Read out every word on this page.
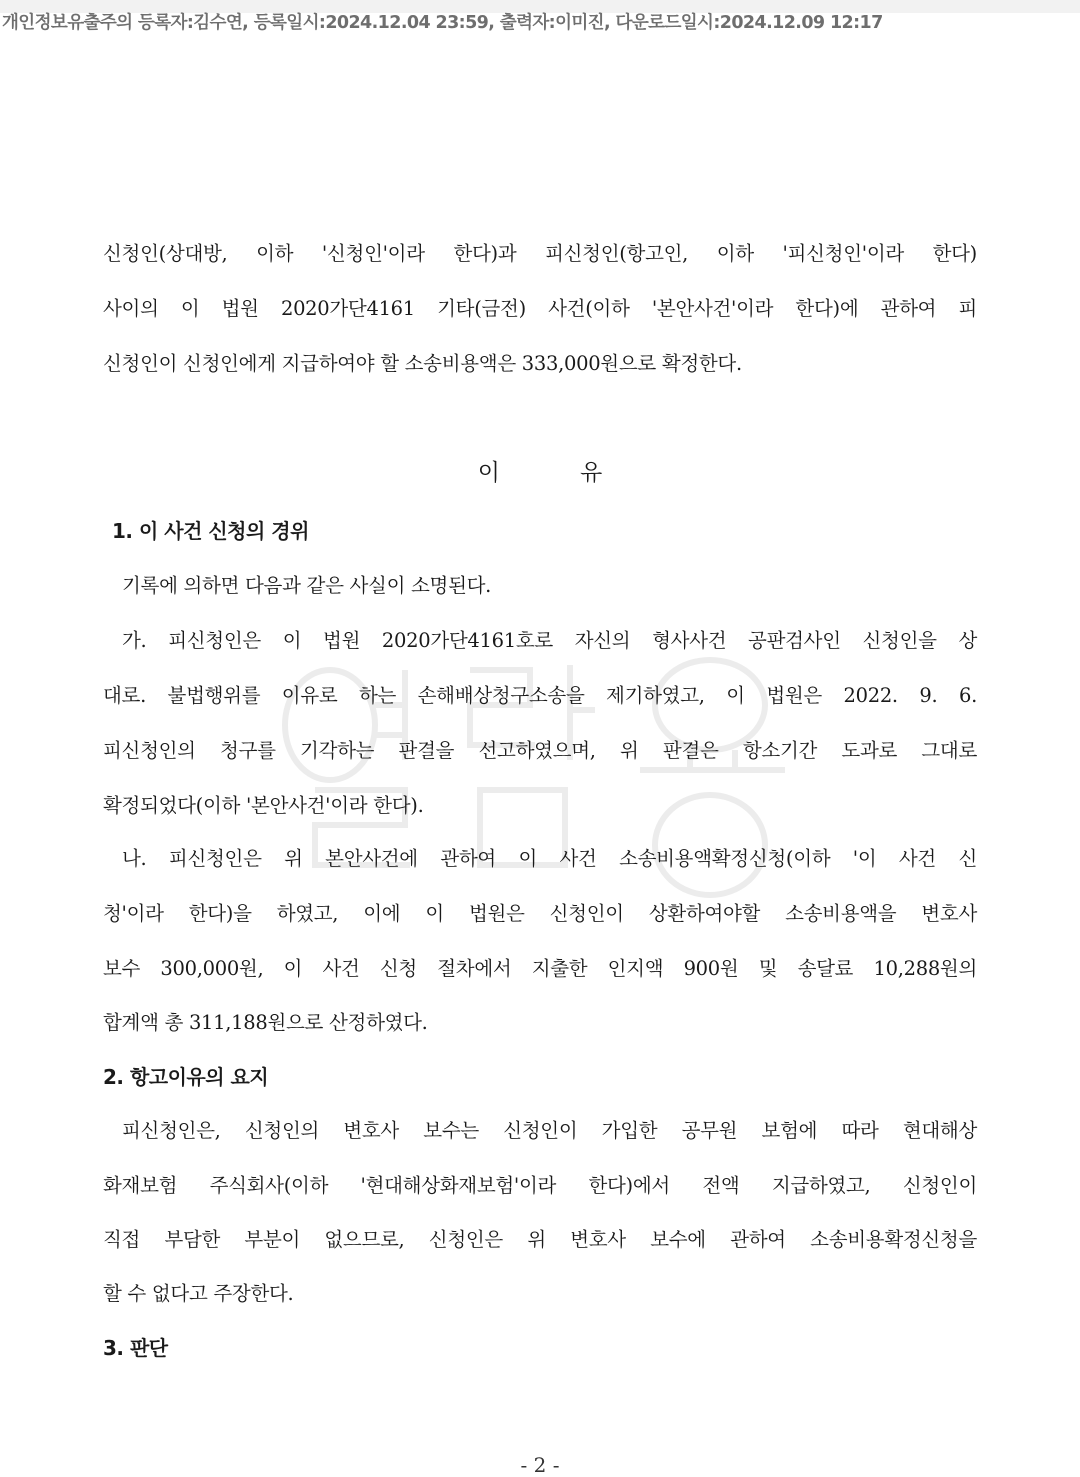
개인정보유출주의 등록자:김수연, 등록일시:2024.12.04 23:59, 출력자:이미진, 다운로드일시:2024.12.09 12:17
신청인(상대방, 이하 '신청인'이라 한다)과 피신청인(항고인, 이하 '피신청인'이라 한다)
사이의 이 법원 2020가단4161 기타(금전) 사건(이하 '본안사건'이라 한다)에 관하여 피
신청인이 신청인에게 지급하여야 할 소송비용액은 333,000원으로 확정한다.
이	유
1. 이 사건 신청의 경위
기록에 의하면 다음과 같은 사실이 소명된다.
가. 피신청인은 이 법원 2020가단4161호로 자신의 형사사건 공판검사인 신청인을 상
대로. 불법행위를 이유로 하는 손해배상청구소송을 제기하였고, 이 법원은 2022. 9. 6.
피신청인의 청구를 기각하는 판결을 선고하였으며, 위 판결은 항소기간 도과로 그대로
확정되었다(이하 '본안사건'이라 한다).
나. 피신청인은 위 본안사건에 관하여 이 사건 소송비용액확정신청(이하 '이 사건 신
청'이라 한다)을 하였고, 이에 이 법원은 신청인이 상환하여야할 소송비용액을 변호사
보수 300,000원, 이 사건 신청 절차에서 지출한 인지액 900원 및 송달료 10,288원의
합계액 총 311,188원으로 산정하였다.
2. 항고이유의 요지
피신청인은, 신청인의 변호사 보수는 신청인이 가입한 공무원 보험에 따라 현대해상
화재보험 주식회사(이하 '현대해상화재보험'이라 한다)에서 전액 지급하였고, 신청인이
직접 부담한 부분이 없으므로, 신청인은 위 변호사 보수에 관하여 소송비용확정신청을
할 수 없다고 주장한다.
3. 판단
- 2 -
